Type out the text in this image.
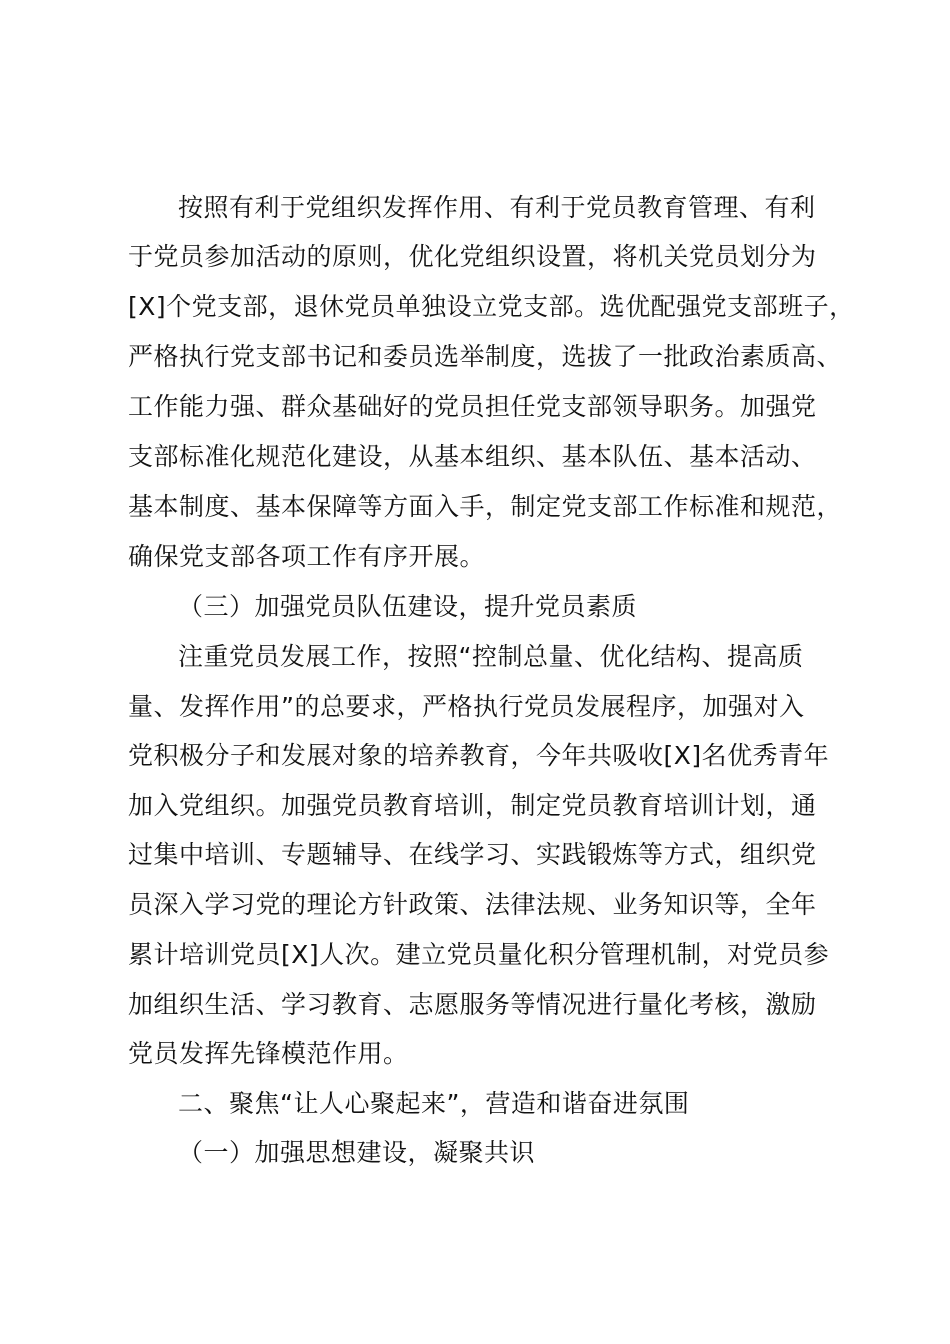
按照有利于党组织发挥作用、有利于党员教育管理、有利
于党员参加活动的原则，优化党组织设置，将机关党员划分为
[X]个党支部，退休党员单独设立党支部。选优配强党支部班子，
严格执行党支部书记和委员选举制度，选拔了一批政治素质高、
工作能力强、群众基础好的党员担任党支部领导职务。加强党
支部标准化规范化建设，从基本组织、基本队伍、基本活动、
基本制度、基本保障等方面入手，制定党支部工作标准和规范，
确保党支部各项工作有序开展。
（三）加强党员队伍建设，提升党员素质
注重党员发展工作，按照“控制总量、优化结构、提高质
量、发挥作用”的总要求，严格执行党员发展程序，加强对入
党积极分子和发展对象的培养教育，今年共吸收[X]名优秀青年
加入党组织。加强党员教育培训，制定党员教育培训计划，通
过集中培训、专题辅导、在线学习、实践锻炼等方式，组织党
员深入学习党的理论方针政策、法律法规、业务知识等，全年
累计培训党员[X]人次。建立党员量化积分管理机制，对党员参
加组织生活、学习教育、志愿服务等情况进行量化考核，激励
党员发挥先锋模范作用。
二、聚焦“让人心聚起来”，营造和谐奋进氛围
（一）加强思想建设，凝聚共识
